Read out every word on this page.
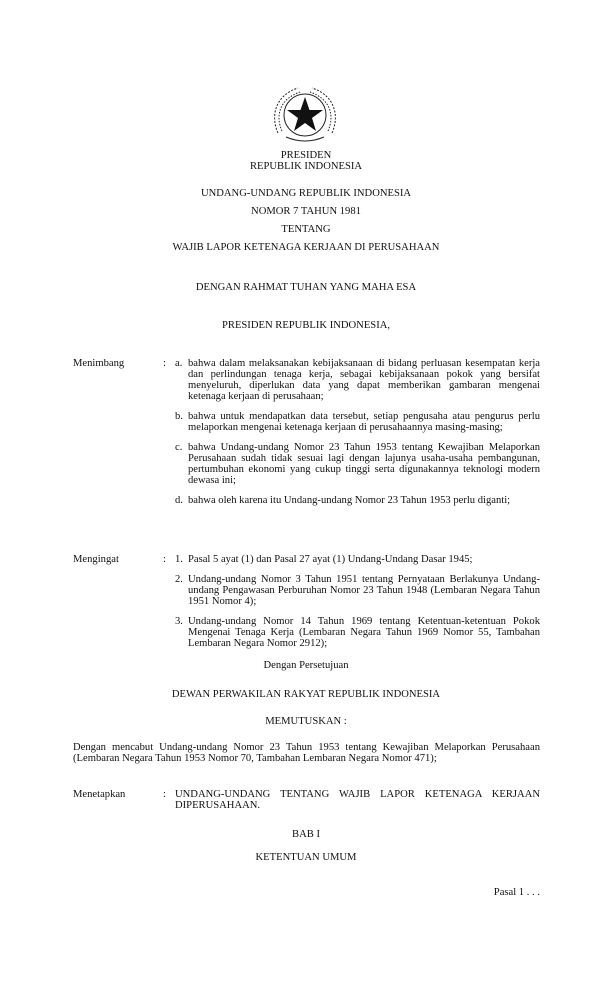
PRESIDEN
REPUBLIK INDONESIA
UNDANG-UNDANG REPUBLIK INDONESIA
NOMOR 7 TAHUN 1981
TENTANG
WAJIB LAPOR KETENAGA KERJAAN DI PERUSAHAAN
DENGAN RAHMAT TUHAN YANG MAHA ESA
PRESIDEN REPUBLIK INDONESIA,
Menimbang	: a. bahwa dalam melaksanakan kebijaksanaan di bidang perluasan kesempatan kerja dan perlindungan tenaga kerja, sebagai kebijaksanaan pokok yang bersifat menyeluruh, diperlukan data yang dapat memberikan gambaran mengenai ketenaga kerjaan di perusahaan;
b. bahwa untuk mendapatkan data tersebut, setiap pengusaha atau pengurus perlu melaporkan mengenai ketenaga kerjaan di perusahaannya masing-masing;
c. bahwa Undang-undang Nomor 23 Tahun 1953 tentang Kewajiban Melaporkan Perusahaan sudah tidak sesuai lagi dengan lajunya usaha-usaha pembangunan, pertumbuhan ekonomi yang cukup tinggi serta digunakannya teknologi modern dewasa ini;
d. bahwa oleh karena itu Undang-undang Nomor 23 Tahun 1953 perlu diganti;
Mengingat	: 1. Pasal 5 ayat (1) dan Pasal 27 ayat (1) Undang-Undang Dasar 1945;
2. Undang-undang Nomor 3 Tahun 1951 tentang Pernyataan Berlakunya Undang-undang Pengawasan Perburuhan Nomor 23 Tahun 1948 (Lembaran Negara Tahun 1951 Nomor 4);
3. Undang-undang Nomor 14 Tahun 1969 tentang Ketentuan-ketentuan Pokok Mengenai Tenaga Kerja (Lembaran Negara Tahun 1969 Nomor 55, Tambahan Lembaran Negara Nomor 2912);
Dengan Persetujuan
DEWAN PERWAKILAN RAKYAT REPUBLIK INDONESIA
MEMUTUSKAN :
Dengan mencabut Undang-undang Nomor 23 Tahun 1953 tentang Kewajiban Melaporkan Perusahaan (Lembaran Negara Tahun 1953 Nomor 70, Tambahan Lembaran Negara Nomor 471);
Menetapkan	: UNDANG-UNDANG TENTANG WAJIB LAPOR KETENAGA KERJAAN DIPERUSAHAAN.
BAB I
KETENTUAN UMUM
Pasal 1 . . .
